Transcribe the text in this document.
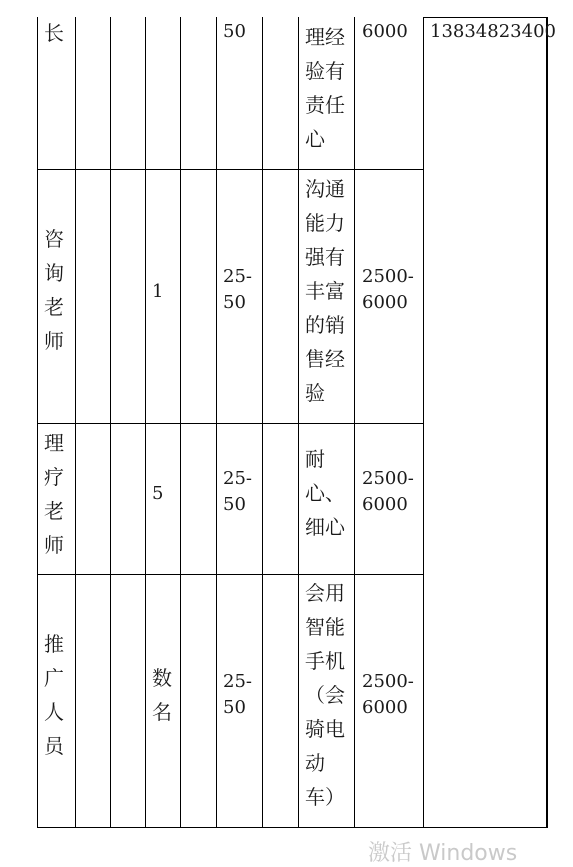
长	50	理经验有责任心
6000 13834823400
咨询老师
1
25-50
沟通能力强有丰富的销售经验
2500-6000
理疗老师
5
25-50
耐心、细心
2500-6000
推广人员
数名
25-50
会用智能手机（会骑电动车）
2500-6000
激活 Windows
